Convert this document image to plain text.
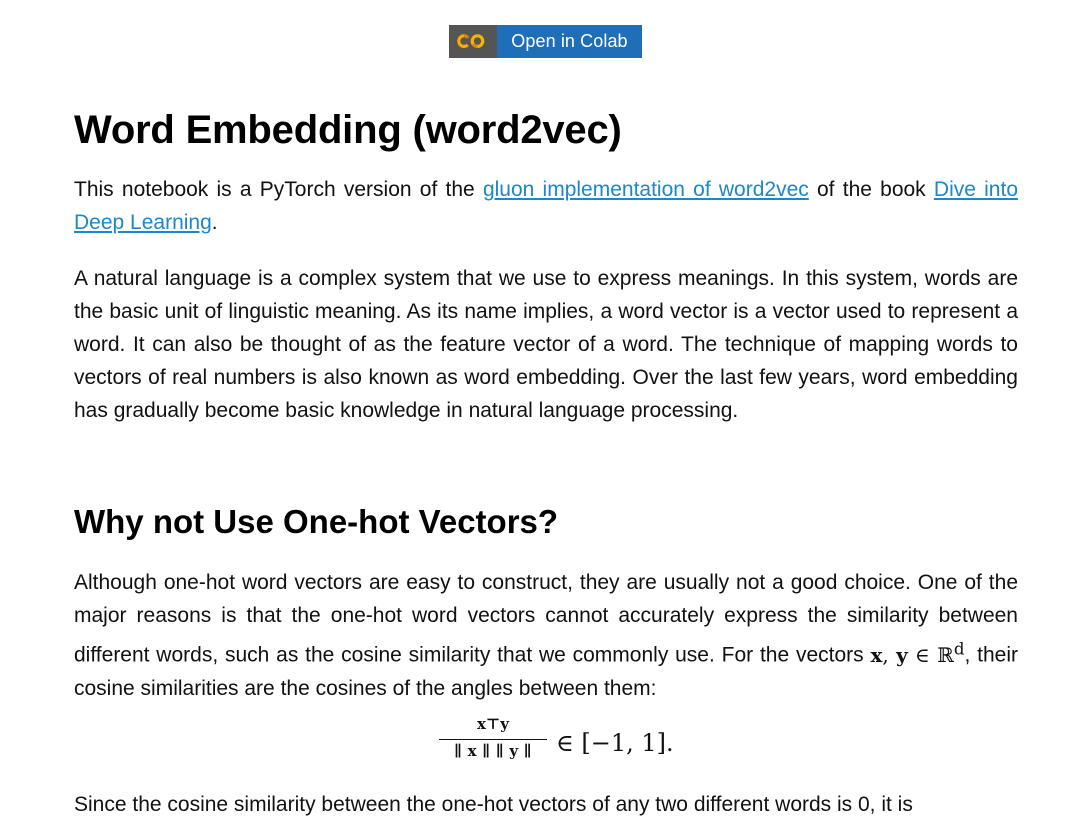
Open in Colab
Word Embedding (word2vec)

This notebook is a PyTorch version of the gluon implementation of word2vec of the book Dive into Deep Learning.

A natural language is a complex system that we use to express meanings. In this system, words are the basic unit of linguistic meaning. As its name implies, a word vector is a vector used to represent a word. It can also be thought of as the feature vector of a word. The technique of mapping words to vectors of real numbers is also known as word embedding. Over the last few years, word embedding has gradually become basic knowledge in natural language processing.

Why not Use One-hot Vectors?

Although one-hot word vectors are easy to construct, they are usually not a good choice. One of the major reasons is that the one-hot word vectors cannot accurately express the similarity between different words, such as the cosine similarity that we commonly use. For the vectors x, y ∈ ℝ$^d$, their cosine similarities are the cosines of the angles between them:

x⊤y
∥ x ∥ ∥ y ∥	∈ [−1, 1].
Since the cosine similarity between the one-hot vectors of any two different words is 0, it is
